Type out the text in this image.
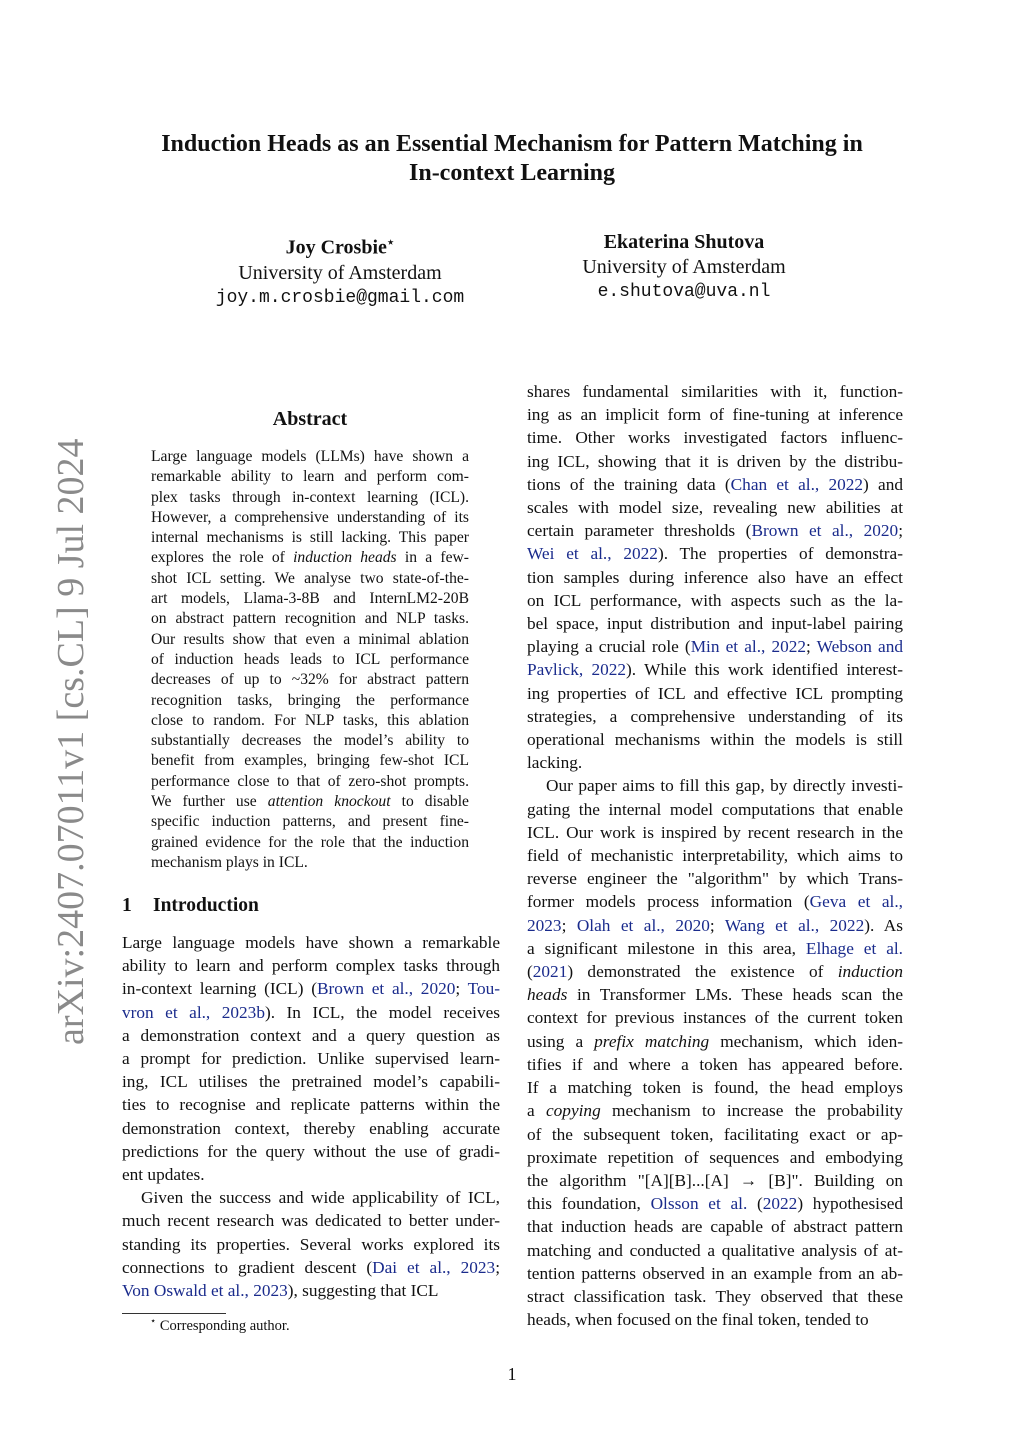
arXiv:2407.07011v1 [cs.CL] 9 Jul 2024
Induction Heads as an Essential Mechanism for Pattern Matching in
In-context Learning
Joy Crosbie⋆
University of Amsterdam
joy.m.crosbie@gmail.com
Ekaterina Shutova
University of Amsterdam
e.shutova@uva.nl
Abstract
Large language models (LLMs) have shown a
remarkable ability to learn and perform com-
plex tasks through in-context learning (ICL).
However, a comprehensive understanding of its
internal mechanisms is still lacking. This paper
explores the role of induction heads in a few-
shot ICL setting. We analyse two state-of-the-
art models, Llama-3-8B and InternLM2-20B
on abstract pattern recognition and NLP tasks.
Our results show that even a minimal ablation
of induction heads leads to ICL performance
decreases of up to ~32% for abstract pattern
recognition tasks, bringing the performance
close to random. For NLP tasks, this ablation
substantially decreases the model’s ability to
benefit from examples, bringing few-shot ICL
performance close to that of zero-shot prompts.
We further use attention knockout to disable
specific induction patterns, and present fine-
grained evidence for the role that the induction
mechanism plays in ICL.
1 Introduction

Large language models have shown a remarkable
ability to learn and perform complex tasks through
in-context learning (ICL) (Brown et al., 2020; Tou-
vron et al., 2023b). In ICL, the model receives
a demonstration context and a query question as
a prompt for prediction. Unlike supervised learn-
ing, ICL utilises the pretrained model’s capabili-
ties to recognise and replicate patterns within the
demonstration context, thereby enabling accurate
predictions for the query without the use of gradi-
ent updates.

Given the success and wide applicability of ICL,
much recent research was dedicated to better under-
standing its properties. Several works explored its
connections to gradient descent (Dai et al., 2023;
Von Oswald et al., 2023), suggesting that ICL

shares fundamental similarities with it, function-
ing as an implicit form of fine-tuning at inference
time. Other works investigated factors influenc-
ing ICL, showing that it is driven by the distribu-
tions of the training data (Chan et al., 2022) and
scales with model size, revealing new abilities at
certain parameter thresholds (Brown et al., 2020;
Wei et al., 2022). The properties of demonstra-
tion samples during inference also have an effect
on ICL performance, with aspects such as the la-
bel space, input distribution and input-label pairing
playing a crucial role (Min et al., 2022; Webson and
Pavlick, 2022). While this work identified interest-
ing properties of ICL and effective ICL prompting
strategies, a comprehensive understanding of its
operational mechanisms within the models is still
lacking.

Our paper aims to fill this gap, by directly investi-
gating the internal model computations that enable
ICL. Our work is inspired by recent research in the
field of mechanistic interpretability, which aims to
reverse engineer the "algorithm" by which Trans-
former models process information (Geva et al.,
2023; Olah et al., 2020; Wang et al., 2022). As
a significant milestone in this area, Elhage et al.
(2021) demonstrated the existence of induction
heads in Transformer LMs. These heads scan the
context for previous instances of the current token
using a prefix matching mechanism, which iden-
tifies if and where a token has appeared before.
If a matching token is found, the head employs
a copying mechanism to increase the probability
of the subsequent token, facilitating exact or ap-
proximate repetition of sequences and embodying
the algorithm "[A][B]...[A] → [B]". Building on
this foundation, Olsson et al. (2022) hypothesised
that induction heads are capable of abstract pattern
matching and conducted a qualitative analysis of at-
tention patterns observed in an example from an ab-
stract classification task. They observed that these
heads, when focused on the final token, tended to

⋆ Corresponding author.
1
